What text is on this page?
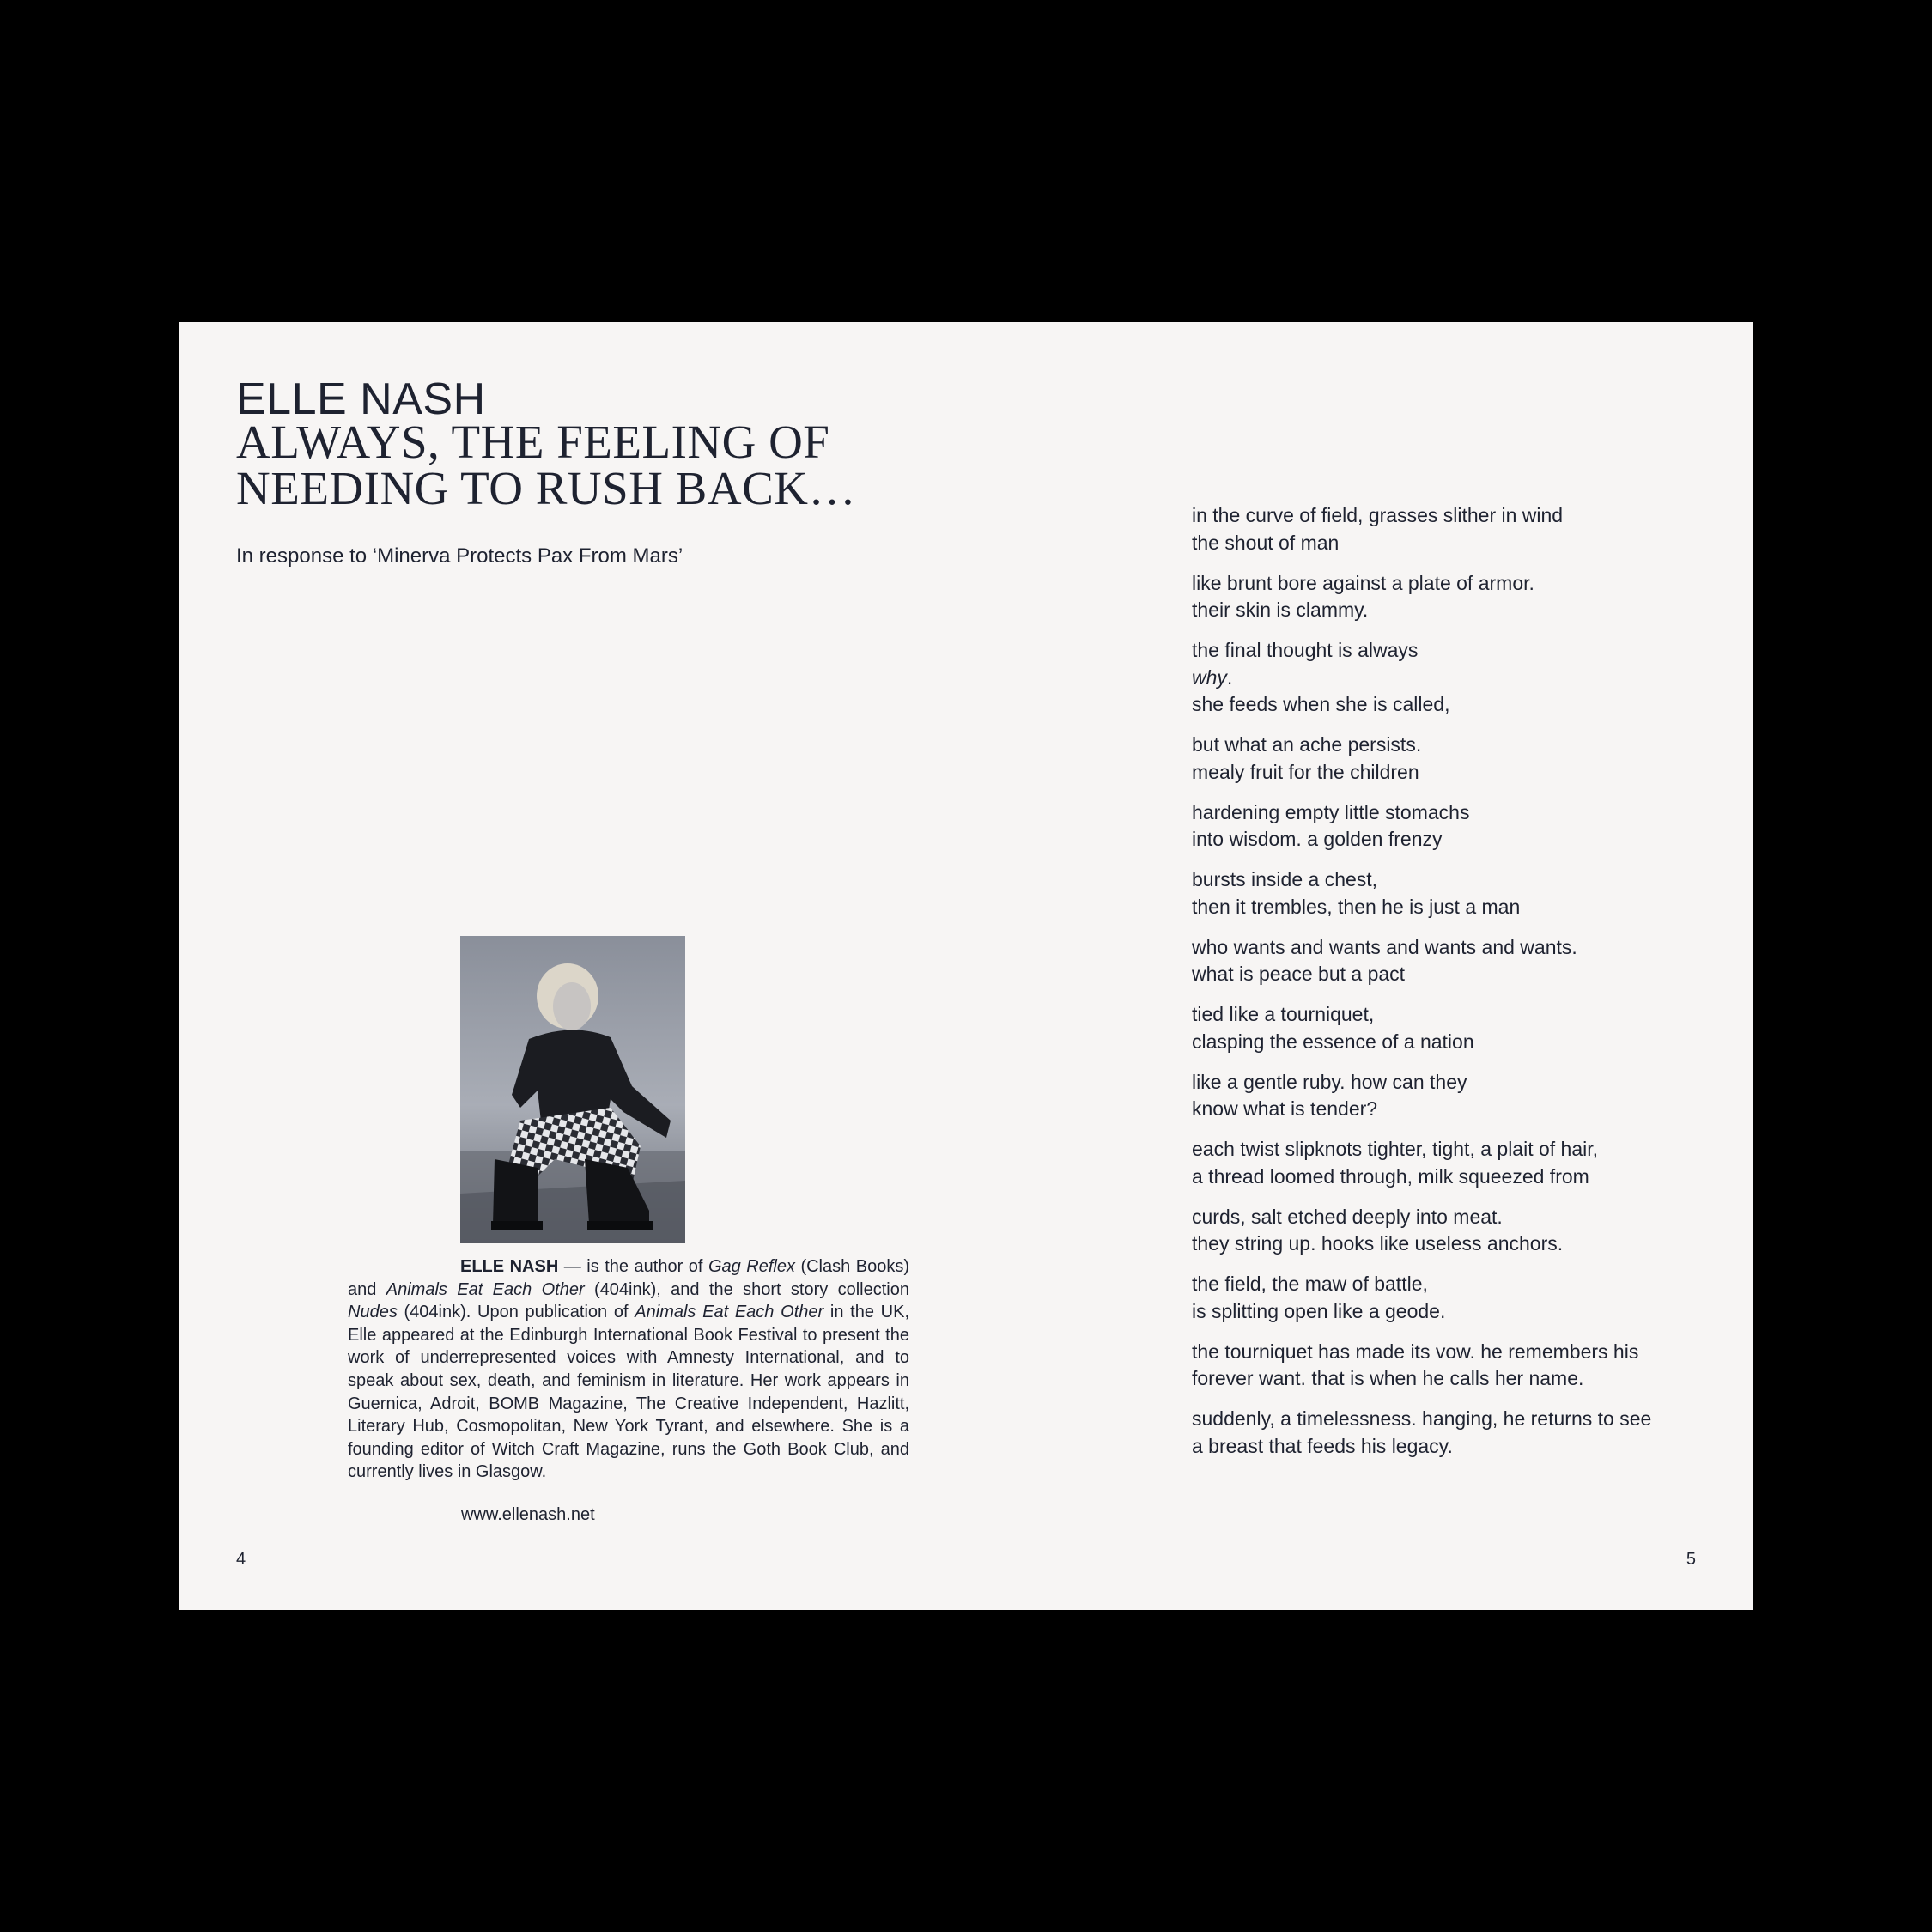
ELLE NASH
ALWAYS, THE FEELING OF
NEEDING TO RUSH BACK…

In response to ‘Minerva Protects Pax From Mars’

ELLE NASH — is the author of Gag Reflex (Clash Books) and Animals Eat Each Other (404ink), and the short story collection Nudes (404ink). Upon publication of Animals Eat Each Other in the UK, Elle appeared at the Edinburgh International Book Festival to present the work of underrepresented voices with Amnesty International, and to speak about sex, death, and feminism in literature. Her work appears in Guernica, Adroit, BOMB Magazine, The Creative Independent, Hazlitt, Literary Hub, Cosmopolitan, New York Tyrant, and elsewhere. She is a founding editor of Witch Craft Magazine, runs the Goth Book Club, and currently lives in Glasgow.

www.ellenash.net

4

in the curve of field, grasses slither in wind
the shout of man

like brunt bore against a plate of armor.
their skin is clammy.

the final thought is always
why.
she feeds when she is called,

but what an ache persists.
mealy fruit for the children

hardening empty little stomachs
into wisdom. a golden frenzy

bursts inside a chest,
then it trembles, then he is just a man

who wants and wants and wants and wants.
what is peace but a pact

tied like a tourniquet,
clasping the essence of a nation

like a gentle ruby. how can they
know what is tender?

each twist slipknots tighter, tight, a plait of hair,
a thread loomed through, milk squeezed from

curds, salt etched deeply into meat.
they string up. hooks like useless anchors.

the field, the maw of battle,
is splitting open like a geode.

the tourniquet has made its vow. he remembers his
forever want. that is when he calls her name.

suddenly, a timelessness. hanging, he returns to see
a breast that feeds his legacy.

5
